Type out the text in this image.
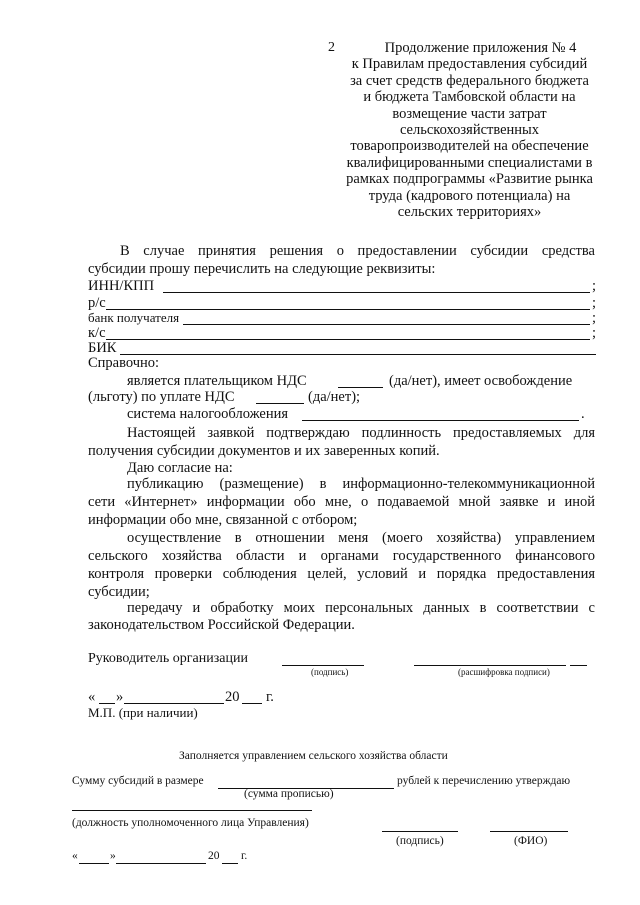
2	Продолжение приложения № 4
к Правилам предоставления субсидий
за счет средств федерального бюджета
и бюджета Тамбовской области на
возмещение части затрат
сельскохозяйственных
товаропроизводителей на обеспечение
квалифицированными специалистами в
рамках подпрограммы «Развитие рынка
труда (кадрового потенциала) на
сельских территориях»
В случае принятия решения о предоставлении субсидии средства
субсидии прошу перечислить на следующие реквизиты:
ИНН/КПП	;
р/с	;
банк получателя	;
к/с	;
БИК
Справочно:
является плательщиком НДС	(да/нет), имеет освобождение
(льготу) по уплате НДС	(да/нет);
система налогообложения	.
Настоящей заявкой подтверждаю подлинность предоставляемых для
получения субсидии документов и их заверенных копий.
Даю согласие на:
публикацию (размещение) в информационно-телекоммуникационной
сети «Интернет» информации обо мне, о подаваемой мной заявке и иной
информации обо мне, связанной с отбором;
осуществление в отношении меня (моего хозяйства) управлением
сельского хозяйства области и органами государственного финансового
контроля проверки соблюдения целей, условий и порядка предоставления
субсидии;
передачу и обработку моих персональных данных в соответствии с
законодательством Российской Федерации.
Руководитель организации
(подпись)	(расшифровка подписи)
« »	20 г.
М.П. (при наличии)
Заполняется управлением сельского хозяйства области
Сумму субсидий в размере	рублей к перечислению утверждаю
(сумма прописью)
(должность уполномоченного лица Управления)
(подпись)	(ФИО)
«	»	20 г.
